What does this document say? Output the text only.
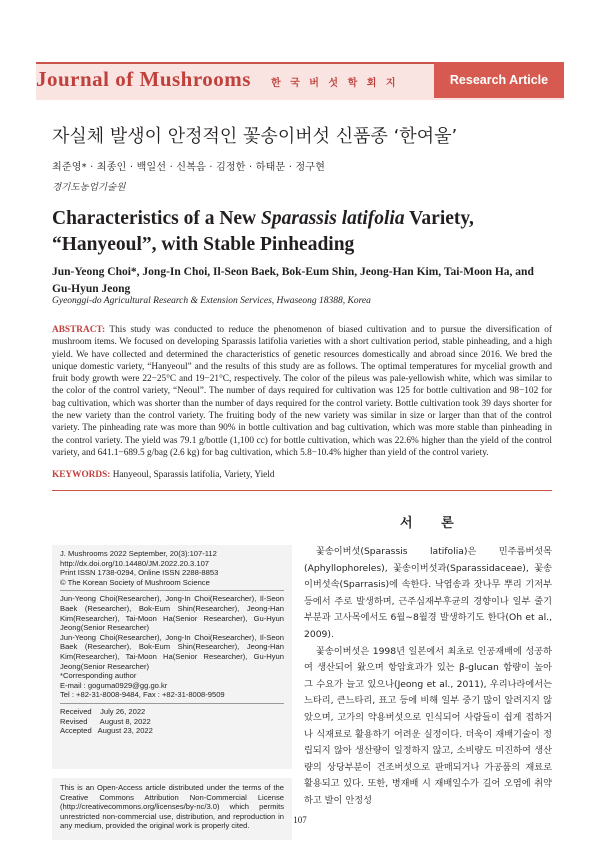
Journal of Mushrooms 한 국 버 섯 학 회 지	Research Article
자실체 발생이 안정적인 꽃송이버섯 신품종 ‘한여울’
최준영* · 최종인 · 백일선 · 신복음 · 김정한 · 하태문 · 정구현
경기도농업기술원
Characteristics of a New Sparassis latifolia Variety, “Hanyeoul”, with Stable Pinheading
Jun-Yeong Choi*, Jong-In Choi, Il-Seon Baek, Bok-Eum Shin, Jeong-Han Kim, Tai-Moon Ha, and Gu-Hyun Jeong
Gyeonggi-do Agricultural Research & Extension Services, Hwaseong 18388, Korea
ABSTRACT: This study was conducted to reduce the phenomenon of biased cultivation and to pursue the diversification of mushroom items. We focused on developing Sparassis latifolia varieties with a short cultivation period, stable pinheading, and a high yield. We have collected and determined the characteristics of genetic resources domestically and abroad since 2016. We bred the unique domestic variety, “Hanyeoul” and the results of this study are as follows. The optimal temperatures for mycelial growth and fruit body growth were 22−25°C and 19−21°C, respectively. The color of the pileus was pale-yellowish white, which was similar to the color of the control variety, “Neoul”. The number of days required for cultivation was 125 for bottle cultivation and 98−102 for bag cultivation, which was shorter than the number of days required for the control variety. Bottle cultivation took 39 days shorter for the new variety than the control variety. The fruiting body of the new variety was similar in size or larger than that of the control variety. The pinheading rate was more than 90% in bottle cultivation and bag cultivation, which was more stable than pinheading in the control variety. The yield was 79.1 g/bottle (1,100 cc) for bottle cultivation, which was 22.6% higher than the yield of the control variety, and 641.1−689.5 g/bag (2.6 kg) for bag cultivation, which 5.8−10.4% higher than yield of the control variety.
KEYWORDS: Hanyeoul, Sparassis latifolia, Variety, Yield
J. Mushrooms 2022 September, 20(3):107-112
http://dx.doi.org/10.14480/JM.2022.20.3.107
Print ISSN 1738-0294, Online ISSN 2288-8853
© The Korean Society of Mushroom Science
Jun-Yeong Choi(Researcher), Jong-In Choi(Researcher), Il-Seon Baek (Researcher), Bok-Eum Shin(Researcher), Jeong-Han Kim(Researcher), Tai-Moon Ha(Senior Researcher), Gu-Hyun Jeong(Senior Researcher)
Jun-Yeong Choi(Researcher), Jong-In Choi(Researcher), Il-Seon Baek (Researcher), Bok-Eum Shin(Researcher), Jeong-Han Kim(Researcher), Tai-Moon Ha(Senior Researcher), Gu-Hyun Jeong(Senior Researcher)
*Corresponding author
E-mail : goguma0929@gg.go.kr
Tel : +82-31-8008-9484, Fax : +82-31-8008-9509
Received    July 26, 2022
Revised      August 8, 2022
Accepted   August 23, 2022
This is an Open-Access article distributed under the terms of the Creative Commons Attribution Non-Commercial License (http://creativecommons.org/licenses/by-nc/3.0) which permits unrestricted non-commercial use, distribution, and reproduction in any medium, provided the original work is properly cited.
서 론

꽃송이버섯(Sparassis latifolia)은 민주름버섯목(Aphyllophoreles), 꽃송이버섯과(Sparassidaceae), 꽃송이버섯속(Sparrasis)에 속한다. 낙엽송과 잣나무 뿌리 기저부 등에서 주로 발생하며, 근주심재부후균의 경향이나 일부 줄기부분과 고사목에서도 6월∼8월경 발생하기도 한다(Oh et al., 2009).

꽃송이버섯은 1998년 일본에서 최초로 인공재배에 성공하여 생산되어 왔으며 항암효과가 있는 β-glucan 함량이 높아 그 수요가 늘고 있으나(Jeong et al., 2011), 우리나라에서는 느타리, 큰느타리, 표고 등에 비해 일부 중기 많이 알려지지 않았으며, 고가의 약용버섯으로 인식되어 사람들이 쉽게 접하거나 식재료로 활용하기 어려운 실정이다. 더욱이 재배기술이 정립되지 않아 생산량이 일정하지 않고, 소비량도 미진하여 생산량의 상당부분이 건조버섯으로 판매되거나 가공품의 재료로 활용되고 있다. 또한, 병재배 시 재배일수가 길어 오염에 취약하고 발이 안정성

107
